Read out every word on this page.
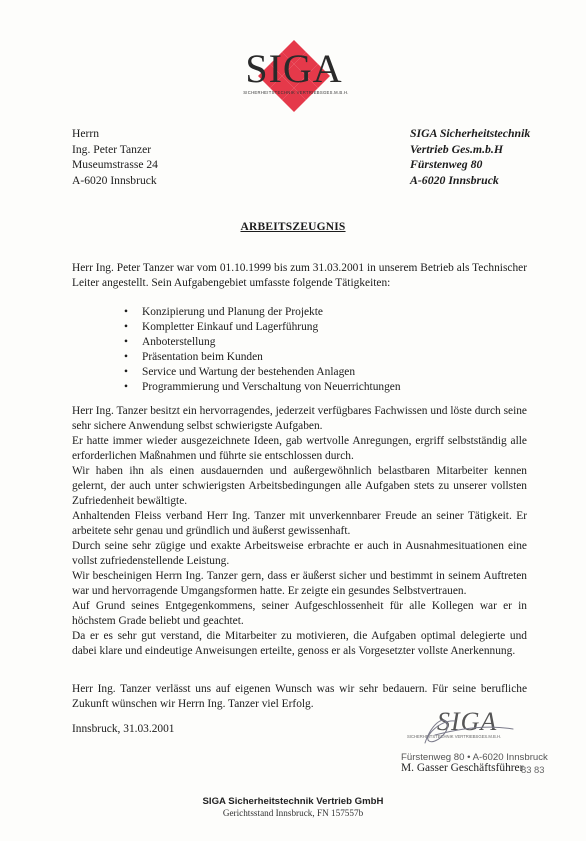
SIGA
SICHERHEITSTECHNIK VERTRIEBSGES.M.B.H.
Herrn
Ing. Peter Tanzer
Museumstrasse 24
A-6020 Innsbruck
SIGA Sicherheitstechnik
Vertrieb Ges.m.b.H
Fürstenweg 80
A-6020 Innsbruck
ARBEITSZEUGNIS
Herr Ing. Peter Tanzer war vom 01.10.1999 bis zum 31.03.2001 in unserem Betrieb als Technischer Leiter angestellt. Sein Aufgabengebiet umfasste folgende Tätigkeiten:
• Konzipierung und Planung der Projekte
• Kompletter Einkauf und Lagerführung
• Anboterstellung
• Präsentation beim Kunden
• Service und Wartung der bestehenden Anlagen
• Programmierung und Verschaltung von Neuerrichtungen
Herr Ing. Tanzer besitzt ein hervorragendes, jederzeit verfügbares Fachwissen und löste durch seine sehr sichere Anwendung selbst schwierigste Aufgaben.
Er hatte immer wieder ausgezeichnete Ideen, gab wertvolle Anregungen, ergriff selbstständig alle erforderlichen Maßnahmen und führte sie entschlossen durch.
Wir haben ihn als einen ausdauernden und außergewöhnlich belastbaren Mitarbeiter kennen gelernt, der auch unter schwierigsten Arbeitsbedingungen alle Aufgaben stets zu unserer vollsten Zufriedenheit bewältigte.
Anhaltenden Fleiss verband Herr Ing. Tanzer mit unverkennbarer Freude an seiner Tätigkeit. Er arbeitete sehr genau und gründlich und äußerst gewissenhaft.
Durch seine sehr zügige und exakte Arbeitsweise erbrachte er auch in Ausnahmesituationen eine vollst zufriedenstellende Leistung.
Wir bescheinigen Herrn Ing. Tanzer gern, dass er äußerst sicher und bestimmt in seinem Auftreten war und hervorragende Umgangsformen hatte. Er zeigte ein gesundes Selbstvertrauen.
Auf Grund seines Entgegenkommens, seiner Aufgeschlossenheit für alle Kollegen war er in höchstem Grade beliebt und geachtet.
Da er es sehr gut verstand, die Mitarbeiter zu motivieren, die Aufgaben optimal delegierte und dabei klare und eindeutige Anweisungen erteilte, genoss er als Vorgesetzter vollste Anerkennung.
Herr Ing. Tanzer verlässt uns auf eigenen Wunsch was wir sehr bedauern. Für seine berufliche Zukunft wünschen wir Herrn Ing. Tanzer viel Erfolg.
Innsbruck, 31.03.2001	SIGA
SICHERHEITSTECHNIK VERTRIEBSGES.M.B.H.
Fürstenweg 80 • A-6020 Innsbruck
83 83
M. Gasser Geschäftsführer
SIGA Sicherheitstechnik Vertrieb GmbH
Gerichtsstand Innsbruck, FN 157557b
